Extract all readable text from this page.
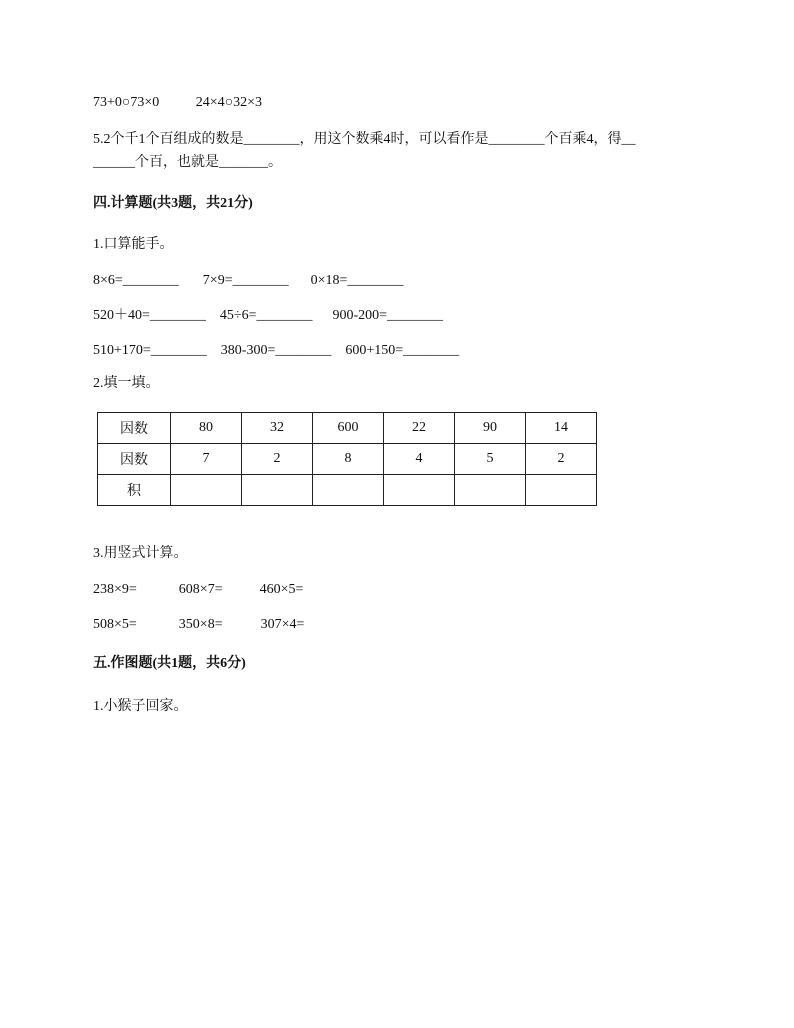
73+0○73×0	24×4○32×3
5.2个千1个百组成的数是________，用这个数乘4时，可以看作是________个百乘4，得__
______个百，也就是_______。
四.计算题(共3题，共21分)
1.口算能手。
8×6=________ 7×9=________ 0×18=________
520＋40=________ 45÷6=________ 900-200=________
510+170=________ 380-300=________ 600+150=________
2.填一填。
因数	80	32	600	22	90	14
因数	7	2	8	4	5	2
积						
3.用竖式计算。
238×9=	608×7=	460×5=
508×5=	350×8=	307×4=
五.作图题(共1题，共6分)
1.小猴子回家。
